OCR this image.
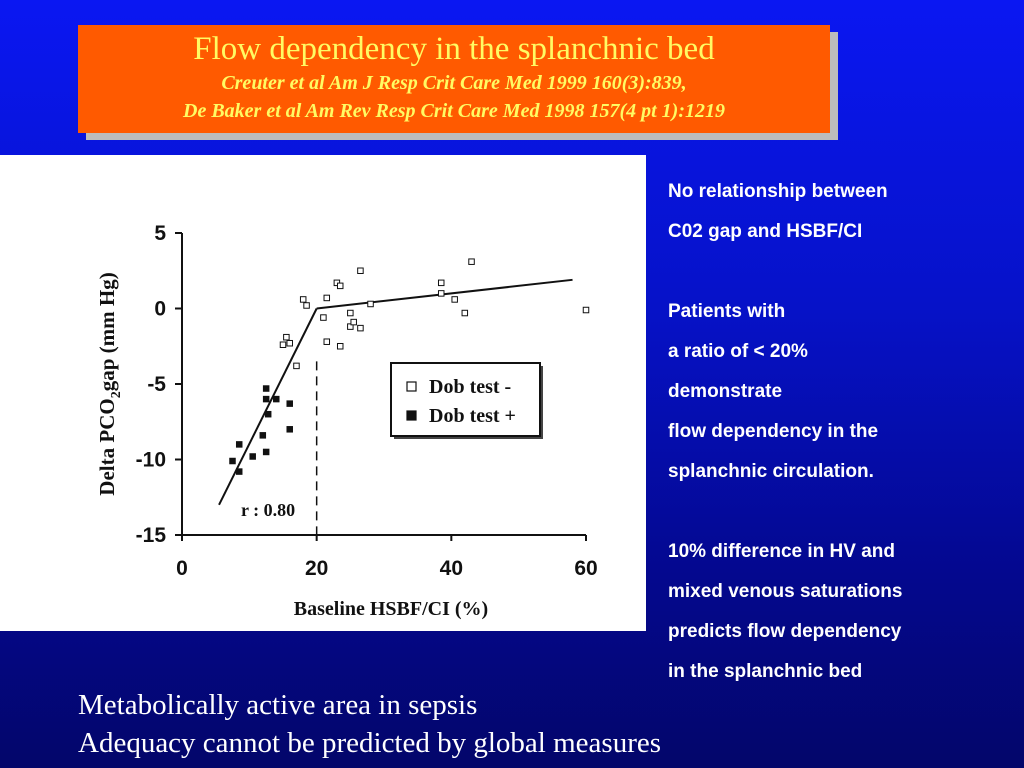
Flow dependency in the splanchnic bed
Creuter et al Am J Resp Crit Care Med 1999 160(3):839,
De Baker et al Am Rev Resp Crit Care Med 1998 157(4 pt 1):1219
0	20	40	60
5
0
-5
-10
-15
Baseline HSBF/CI (%)
Delta $PCO_2gap$ (mm Hg)	Dob test -
Dob test +
r : 0.80
No relationship between
C02 gap and HSBF/CI
Patients with
a ratio of < 20%
demonstrate
flow dependency in the
splanchnic circulation.
10% difference in HV and
mixed venous saturations
predicts flow dependency
in the splanchnic bed
Metabolically active area in sepsis
Adequacy cannot be predicted by global measures
